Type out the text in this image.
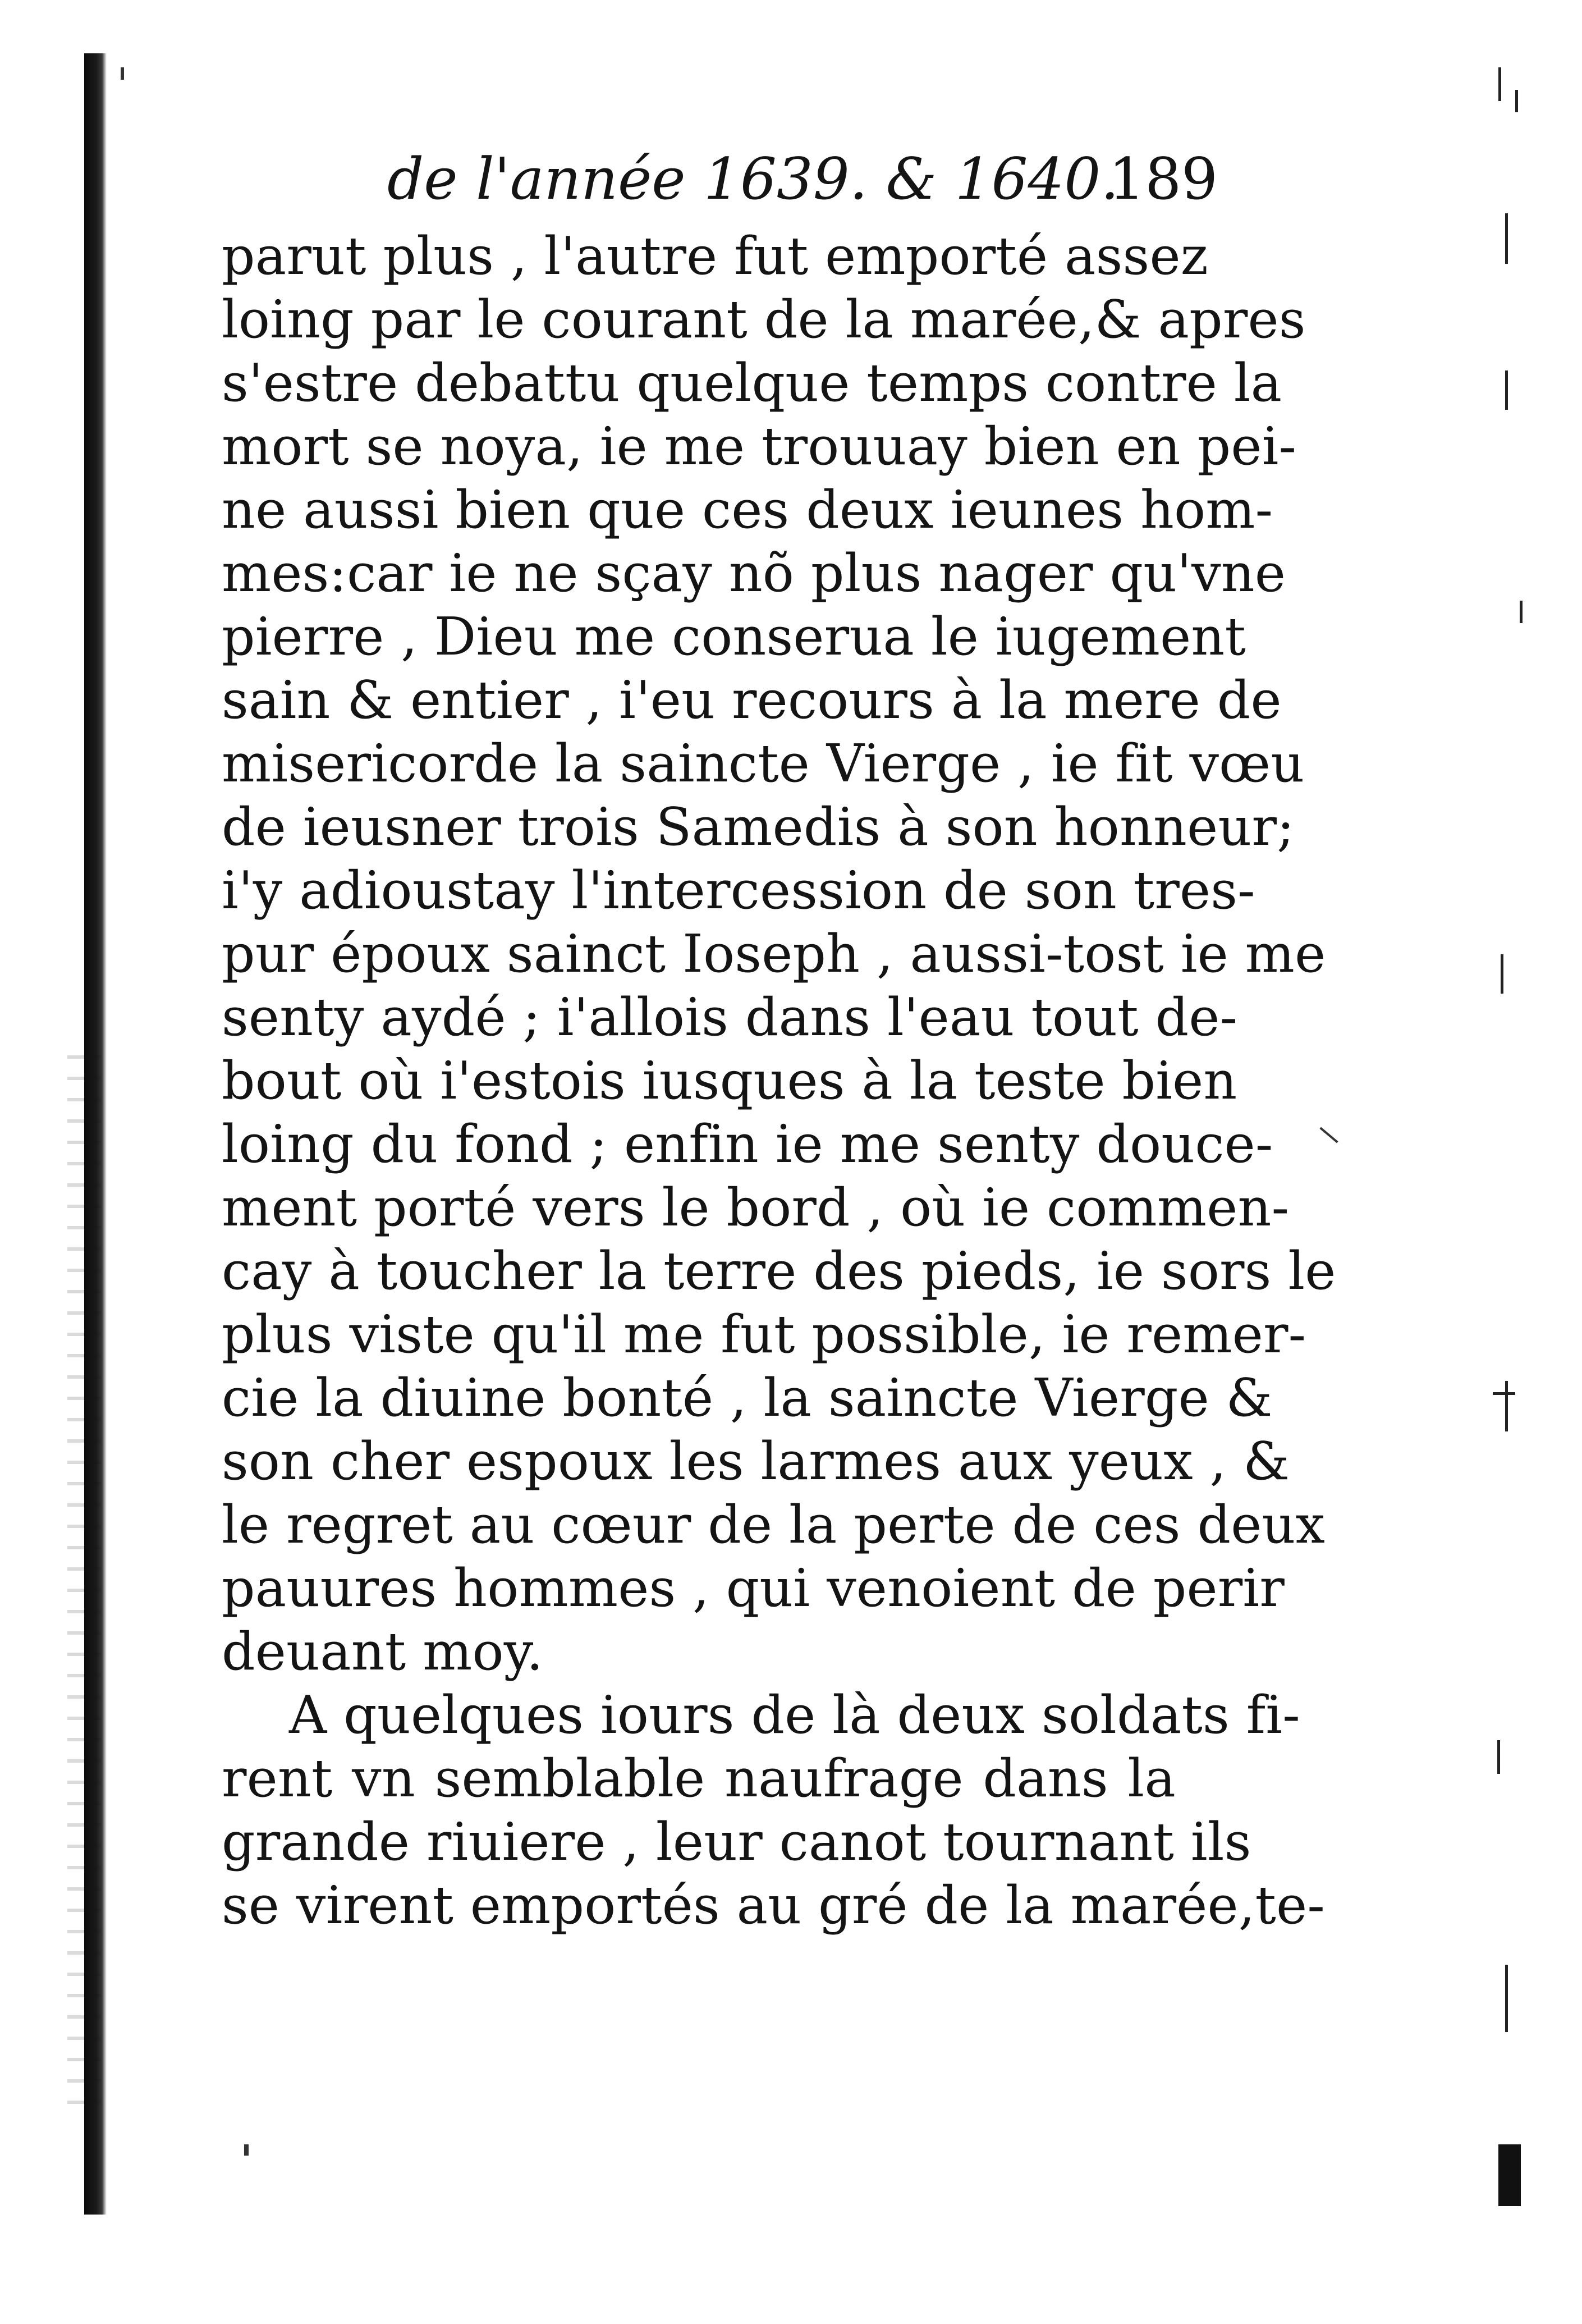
de l'année 1639. & 1640.
189
parut plus , l'autre fut emporté assez
loing par le courant de la marée,& apres
s'estre debattu quelque temps contre la
mort se noya, ie me trouuay bien en pei-
ne aussi bien que ces deux ieunes hom-
mes:car ie ne sçay nõ plus nager qu'vne
pierre , Dieu me conserua le iugement
sain & entier , i'eu recours à la mere de
misericorde la saincte Vierge , ie fit vœu
de ieusner trois Samedis à son honneur;
i'y adioustay l'intercession de son tres-
pur époux sainct Ioseph , aussi-tost ie me
senty aydé ; i'allois dans l'eau tout de-
bout où i'estois iusques à la teste bien
loing du fond ; enfin ie me senty douce-
ment porté vers le bord , où ie commen-
cay à toucher la terre des pieds, ie sors le
plus viste qu'il me fut possible, ie remer-
cie la diuine bonté , la saincte Vierge &
son cher espoux les larmes aux yeux , &
le regret au cœur de la perte de ces deux
pauures hommes , qui venoient de perir
deuant moy.
A quelques iours de là deux soldats fi-
rent vn semblable naufrage dans la
grande riuiere , leur canot tournant ils
se virent emportés au gré de la marée,te-
